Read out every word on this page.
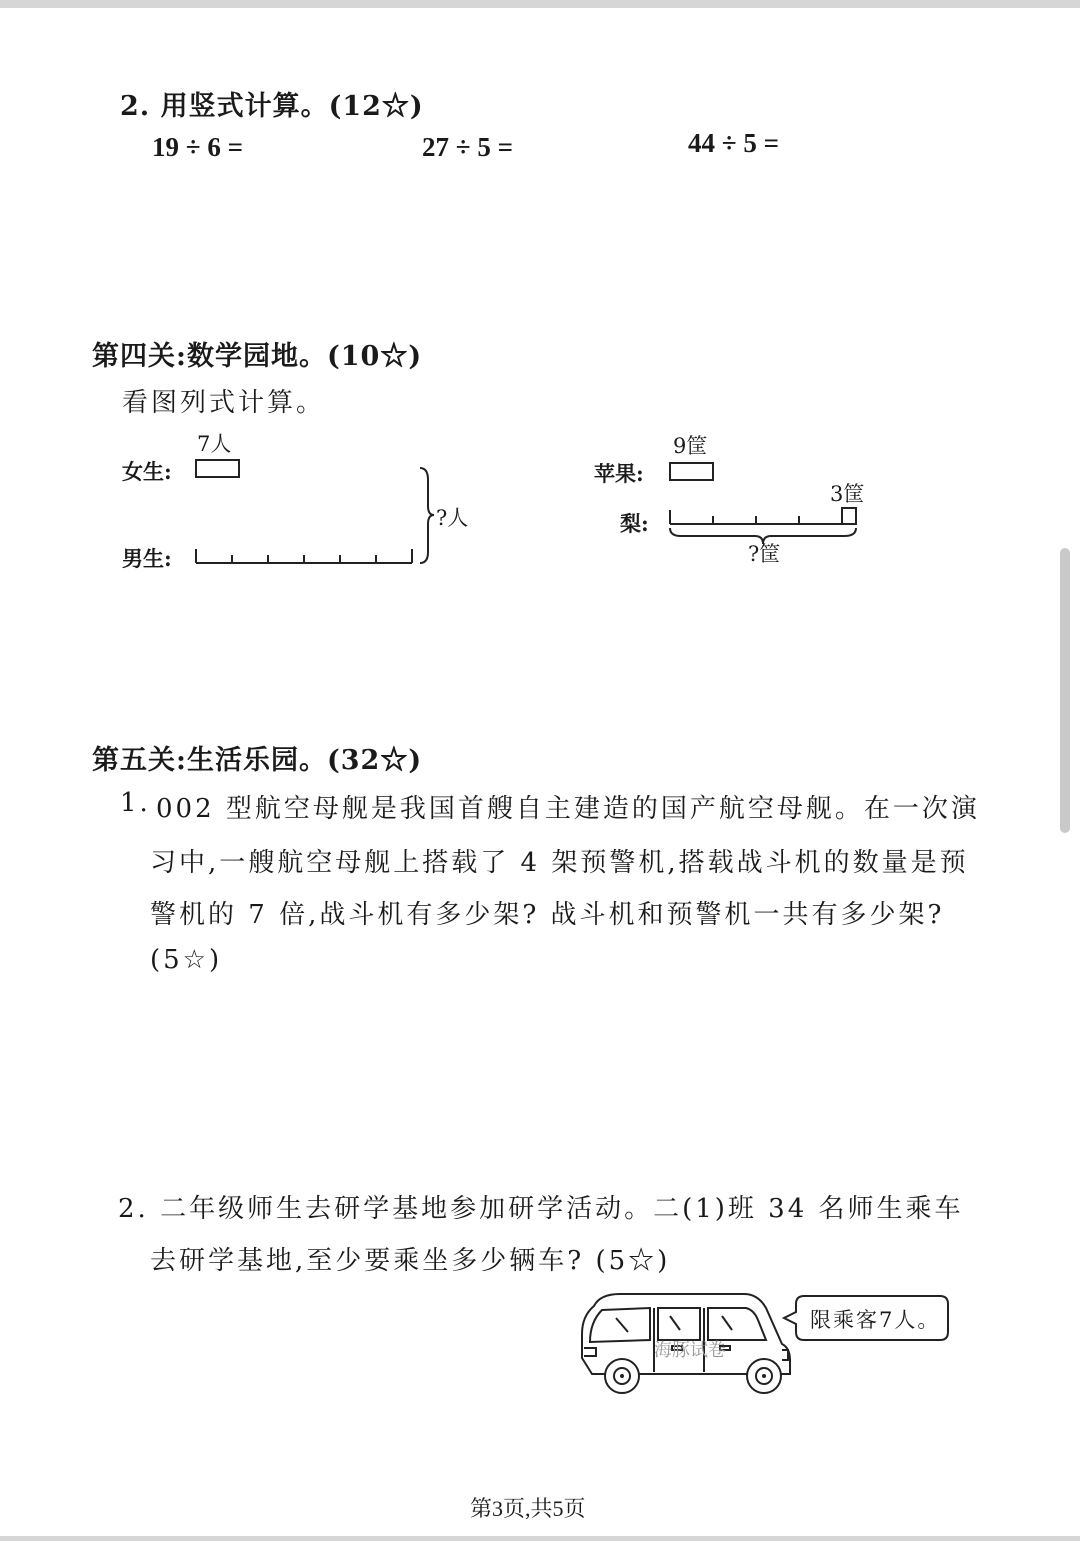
2. 用竖式计算。(12☆)
19 ÷ 6 =	27 ÷ 5 =	44 ÷ 5 =
第四关:数学园地。(10☆)
看图列式计算。
7人
女生:
男生:
?人
9筐
苹果:
3筐
梨:
?筐
第五关:生活乐园。(32☆)
1. 002 型航空母舰是我国首艘自主建造的国产航空母舰。在一次演
习中,一艘航空母舰上搭载了 4 架预警机,搭载战斗机的数量是预
警机的 7 倍,战斗机有多少架? 战斗机和预警机一共有多少架?
(5☆)
2. 二年级师生去研学基地参加研学活动。二(1)班 34 名师生乘车
去研学基地,至少要乘坐多少辆车? (5☆)
海豚试卷
限乘客7人。
第3页,共5页
